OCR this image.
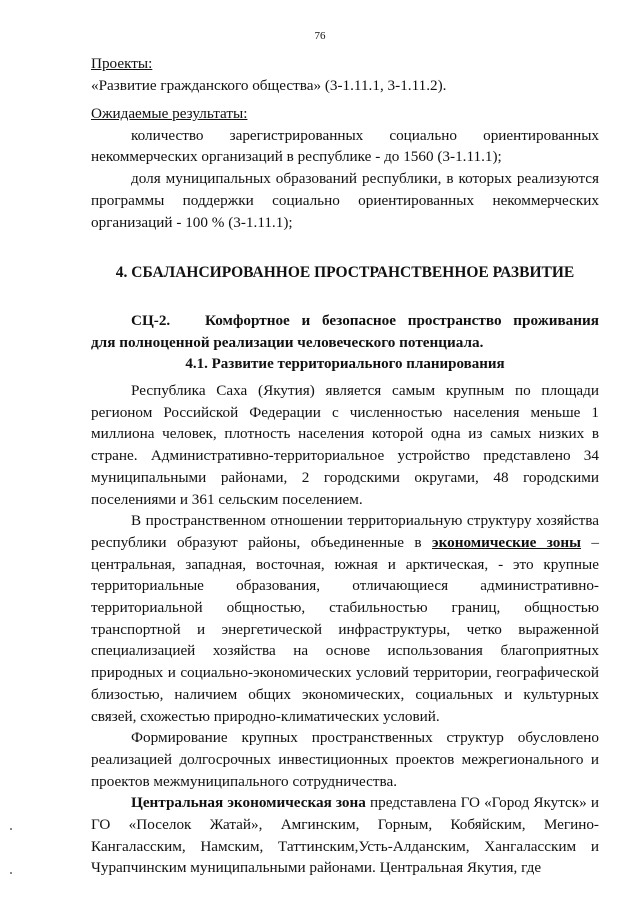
76
Проекты:
«Развитие гражданского общества» (3-1.11.1, 3-1.11.2).
Ожидаемые результаты:
количество зарегистрированных социально ориентированных
некоммерческих организаций в республике - до 1560 (3-1.11.1);
доля муниципальных образований республики, в которых реализуются программы поддержки социально ориентированных некоммерческих организаций - 100 % (3-1.11.1);
4. СБАЛАНСИРОВАННОЕ ПРОСТРАНСТВЕННОЕ РАЗВИТИЕ
СЦ-2. Комфортное и безопасное пространство проживания
для полноценной реализации человеческого потенциала.
4.1. Развитие территориального планирования
Республика Саха (Якутия) является самым крупным по площади регионом Российской Федерации с численностью населения меньше 1 миллиона человек, плотность населения которой одна из самых низких в стране. Административно-территориальное устройство представлено 34 муниципальными районами, 2 городскими округами, 48 городскими поселениями и 361 сельским поселением.
В пространственном отношении территориальную структуру хозяйства республики образуют районы, объединенные в экономические зоны – центральная, западная, восточная, южная и арктическая, - это крупные территориальные образования, отличающиеся административно-территориальной общностью, стабильностью границ, общностью транспортной и энергетической инфраструктуры, четко выраженной специализацией хозяйства на основе использования благоприятных природных и социально-экономических условий территории, географической близостью, наличием общих экономических, социальных и культурных связей, схожестью природно-климатических условий.
Формирование крупных пространственных структур обусловлено реализацией долгосрочных инвестиционных проектов межрегионального и проектов межмуниципального сотрудничества.
Центральная экономическая зона представлена ГО «Город Якутск» и ГО «Поселок Жатай», Амгинским, Горным, Кобяйским, Мегино-Кангаласским, Намским, Таттинским,Усть-Алданским, Хангаласским и Чурапчинским муниципальными районами. Центральная Якутия, где
